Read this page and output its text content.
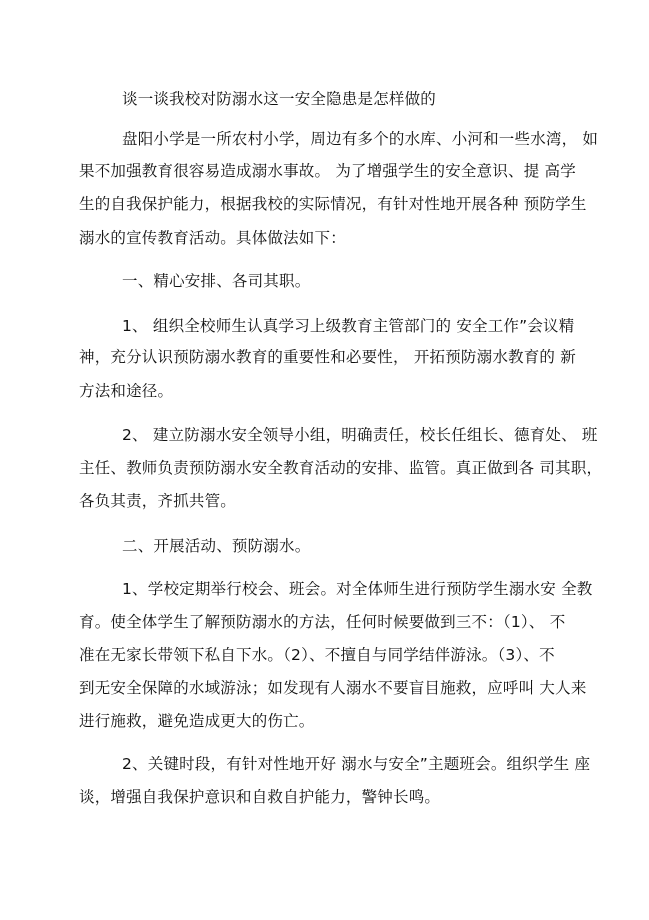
谈一谈我校对防溺水这一安全隐患是怎样做的
盘阳小学是一所农村小学，周边有多个的水库、小河和一些水湾， 如
果不加强教育很容易造成溺水事故。 为了增强学生的安全意识、提 高学
生的自我保护能力，根据我校的实际情况，有针对性地开展各种 预防学生
溺水的宣传教育活动。具体做法如下：
一、精心安排、各司其职。
1、 组织全校师生认真学习上级教育主管部门的 安全工作”会议精
神，充分认识预防溺水教育的重要性和必要性， 开拓预防溺水教育的 新
方法和途径。
2、 建立防溺水安全领导小组，明确责任，校长任组长、德育处、 班
主任、教师负责预防溺水安全教育活动的安排、监管。真正做到各 司其职，
各负其责，齐抓共管。
二、开展活动、预防溺水。
1、学校定期举行校会、班会。对全体师生进行预防学生溺水安 全教
育。使全体学生了解预防溺水的方法，任何时候要做到三不：（1）、 不
准在无家长带领下私自下水。（2）、不擅自与同学结伴游泳。（3）、不
到无安全保障的水域游泳；如发现有人溺水不要盲目施救，应呼叫 大人来
进行施救，避免造成更大的伤亡。
2、关键时段，有针对性地开好 溺水与安全”主题班会。组织学生 座
谈，增强自我保护意识和自救自护能力，警钟长鸣。
